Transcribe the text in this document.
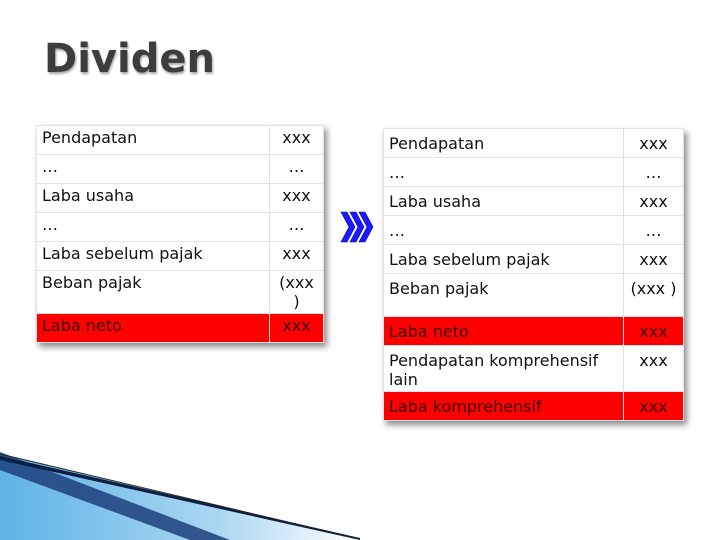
Dividen
Pendapatan	xxx
…	…
Laba usaha	xxx
…	…
Laba sebelum pajak	xxx
Beban pajak	(xxx )
Laba neto	xxx
Pendapatan	xxx
…	…
Laba usaha	xxx
…	…
Laba sebelum pajak	xxx
Beban pajak	(xxx )
Laba neto	xxx
Pendapatan komprehensif lain	xxx
Laba komprehensif	xxx
